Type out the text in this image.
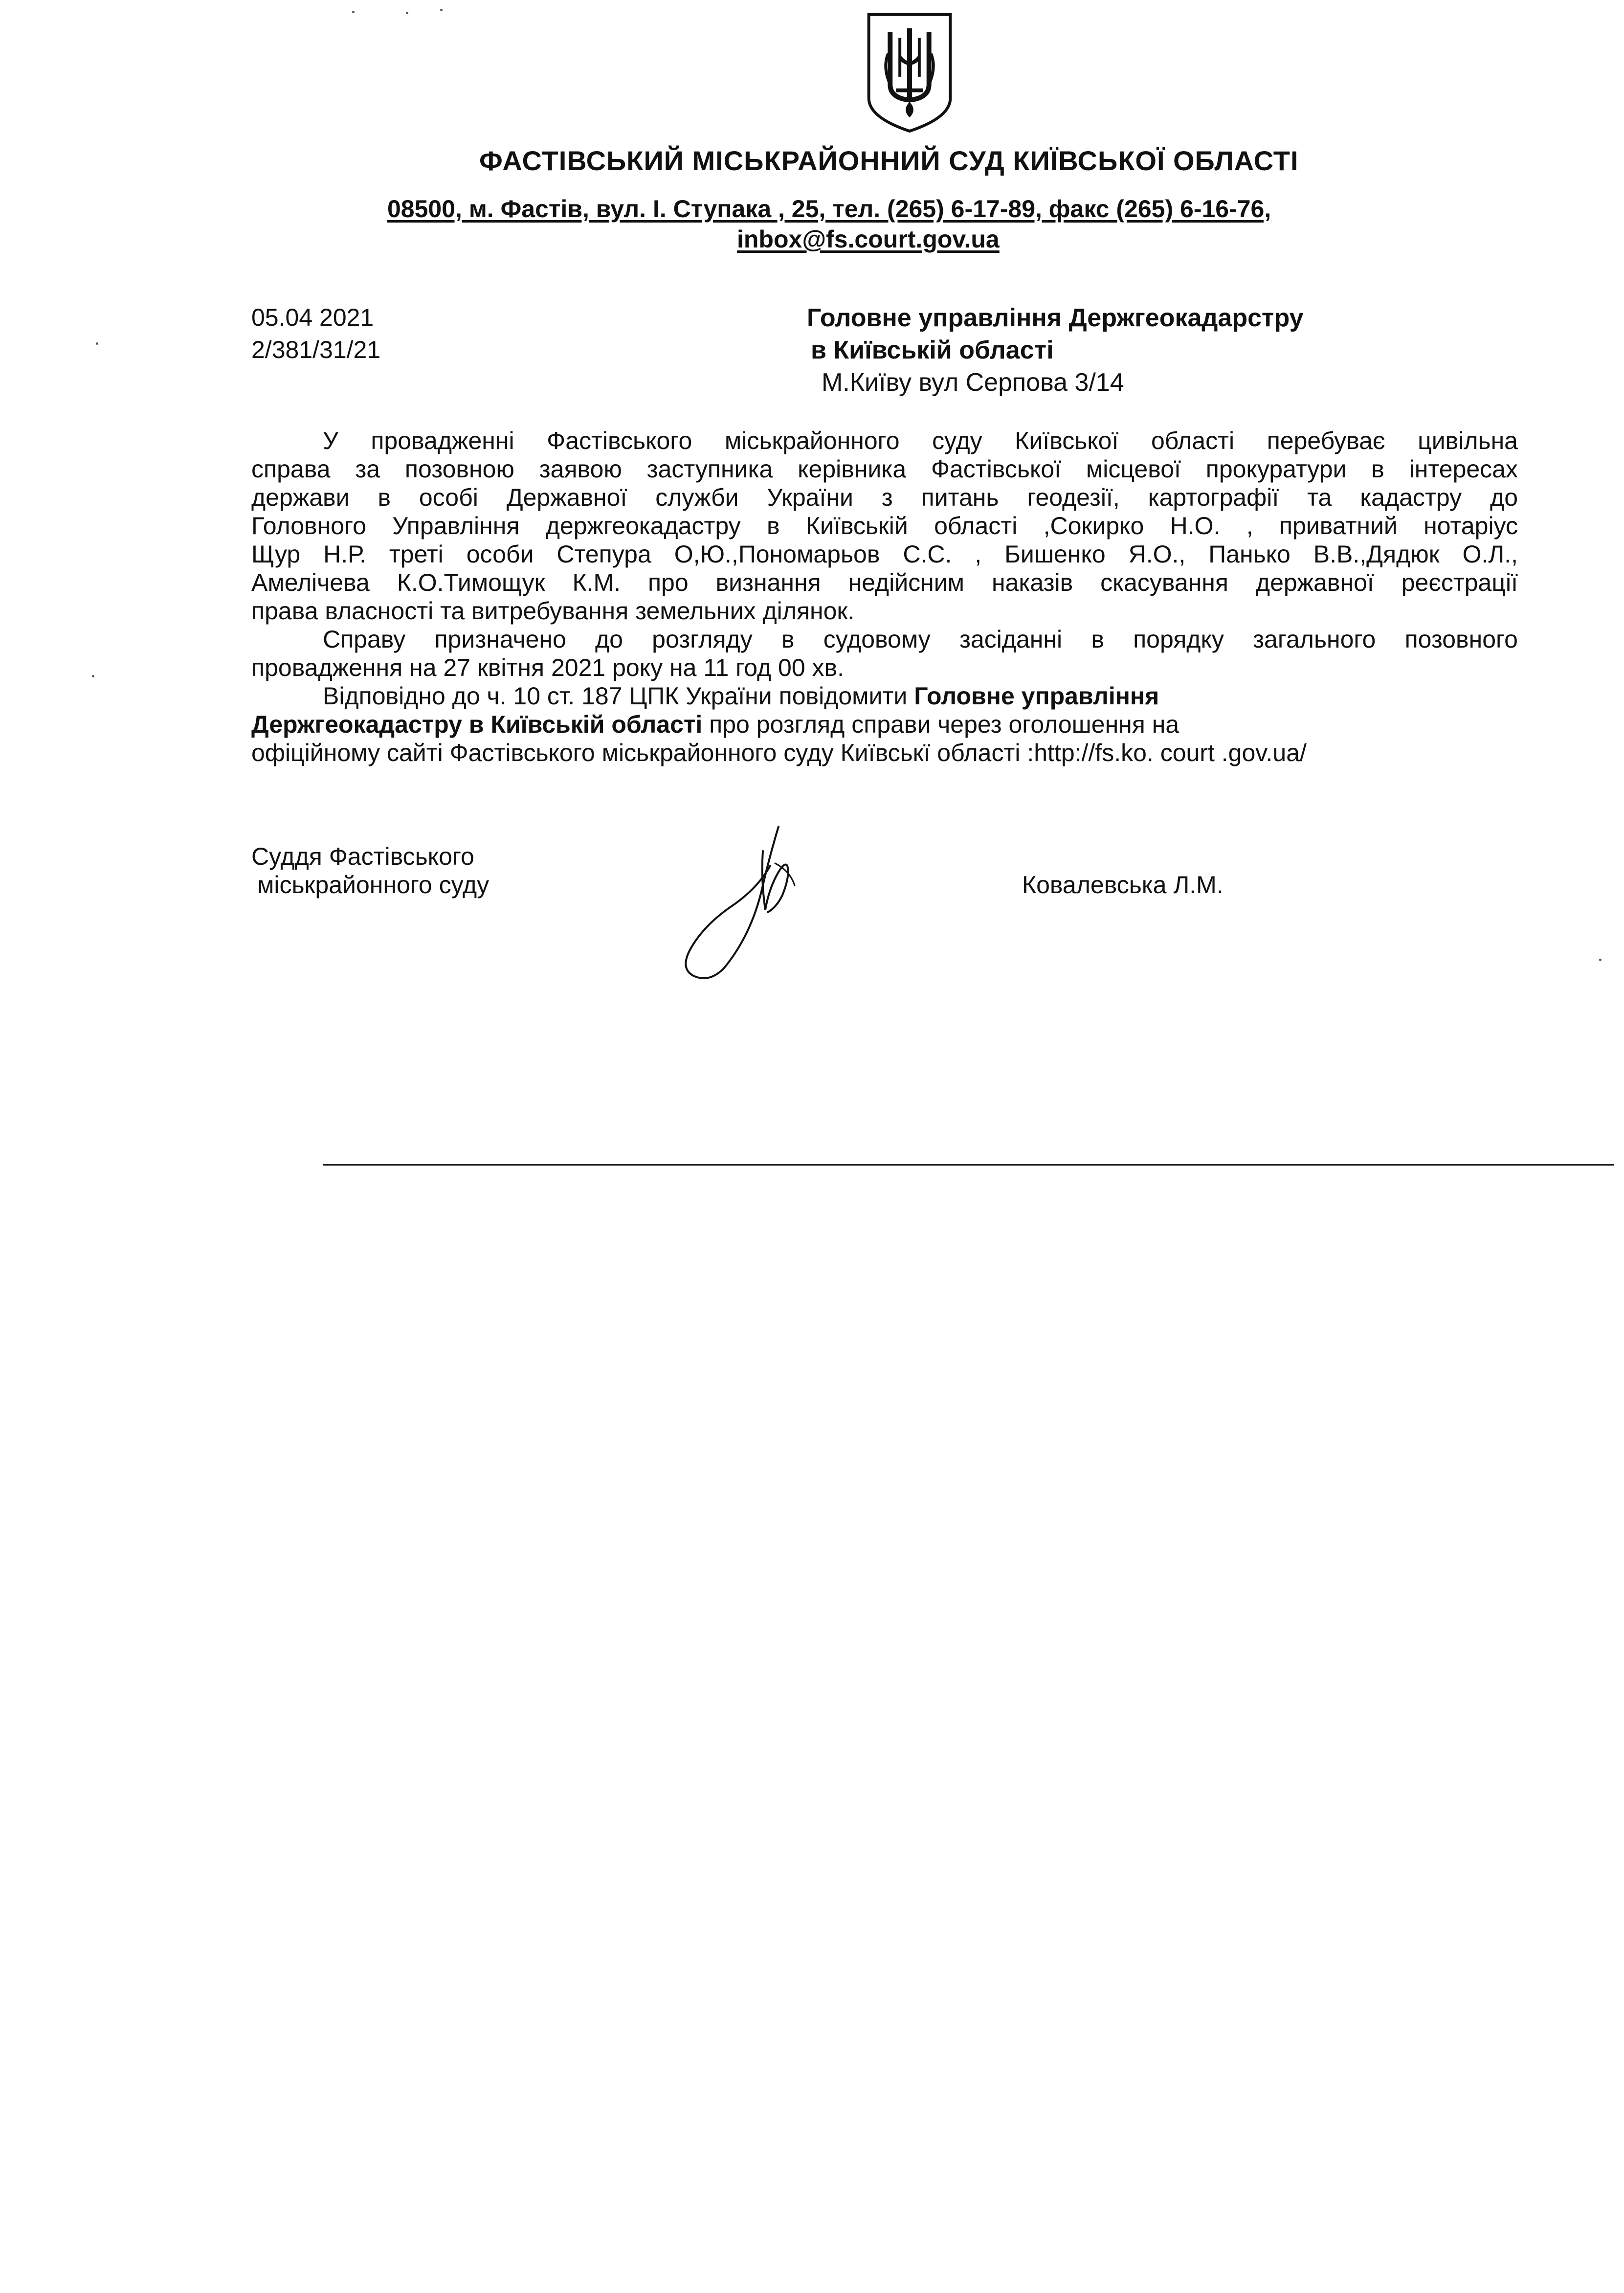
ФАСТІВСЬКИЙ МІСЬКРАЙОННИЙ СУД КИЇВСЬКОЇ ОБЛАСТІ
08500, м. Фастів, вул. І. Ступака , 25, тел. (265) 6-17-89, факс (265) 6-16-76,
inbox@fs.court.gov.ua
05.04 2021
2/381/31/21
Головне управління Держгеокадарстру
в Київській області
М.Київу вул Серпова 3/14
У провадженні Фастівського міськрайонного суду Київської області перебуває цивільна
справа за позовною заявою заступника керівника Фастівської місцевої прокуратури в інтересах
держави в особі Державної служби України з питань геодезії, картографії та кадастру до
Головного Управління держгеокадастру в Київській області ,Сокирко Н.О. , приватний нотаріус
Щур Н.Р. треті особи Степура О,Ю.,Пономарьов С.С. , Бишенко Я.О., Панько В.В.,Дядюк О.Л.,
Амелічева К.О.Тимощук К.М. про визнання недійсним наказів скасування державної реєстрації
права власності та витребування земельних ділянок.
Справу призначено до розгляду в судовому засіданні в порядку загального позовного
провадження на 27 квітня 2021 року на 11 год 00 хв.
Відповідно до ч. 10 ст. 187 ЦПК України повідомити Головне управління
Держгеокадастру в Київській області про розгляд справи через оголошення на
офіційному сайті Фастівського міськрайонного суду Київськї області :http://fs.ko. court .gov.ua/
Суддя Фастівського
міськрайонного суду	Ковалевська Л.М.
